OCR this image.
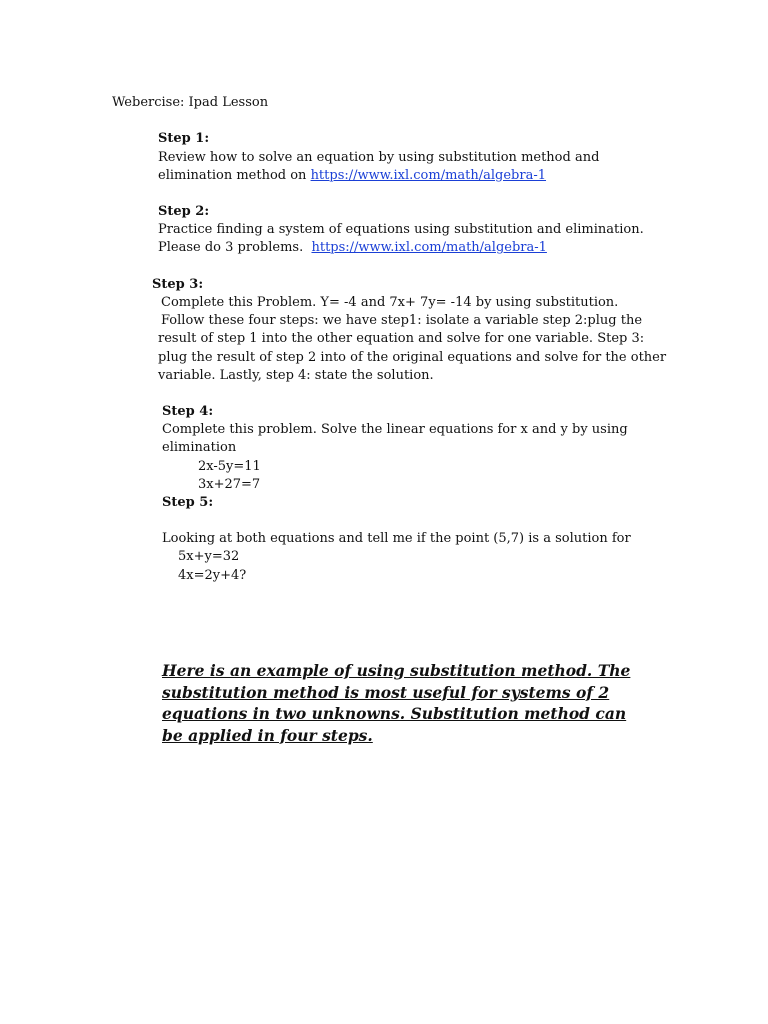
Webercise: Ipad Lesson
Step 1:
Review how to solve an equation by using substitution method and
elimination method on https://www.ixl.com/math/algebra-1
Step 2:
Practice finding a system of equations using substitution and elimination.
Please do 3 problems.  https://www.ixl.com/math/algebra-1
Step 3:
Complete this Problem. Y= -4 and 7x+ 7y= -14 by using substitution.
Follow these four steps: we have step1: isolate a variable step 2:plug the
result of step 1 into the other equation and solve for one variable. Step 3:
plug the result of step 2 into of the original equations and solve for the other
variable. Lastly, step 4: state the solution.
Step 4:
Complete this problem. Solve the linear equations for x and y by using
elimination
2x-5y=11
3x+27=7
Step 5:
Looking at both equations and tell me if the point (5,7) is a solution for
5x+y=32
4x=2y+4?
Here is an example of using substitution method. The substitution method is most useful for systems of 2 equations in two unknowns. Substitution method can be applied in four steps.
